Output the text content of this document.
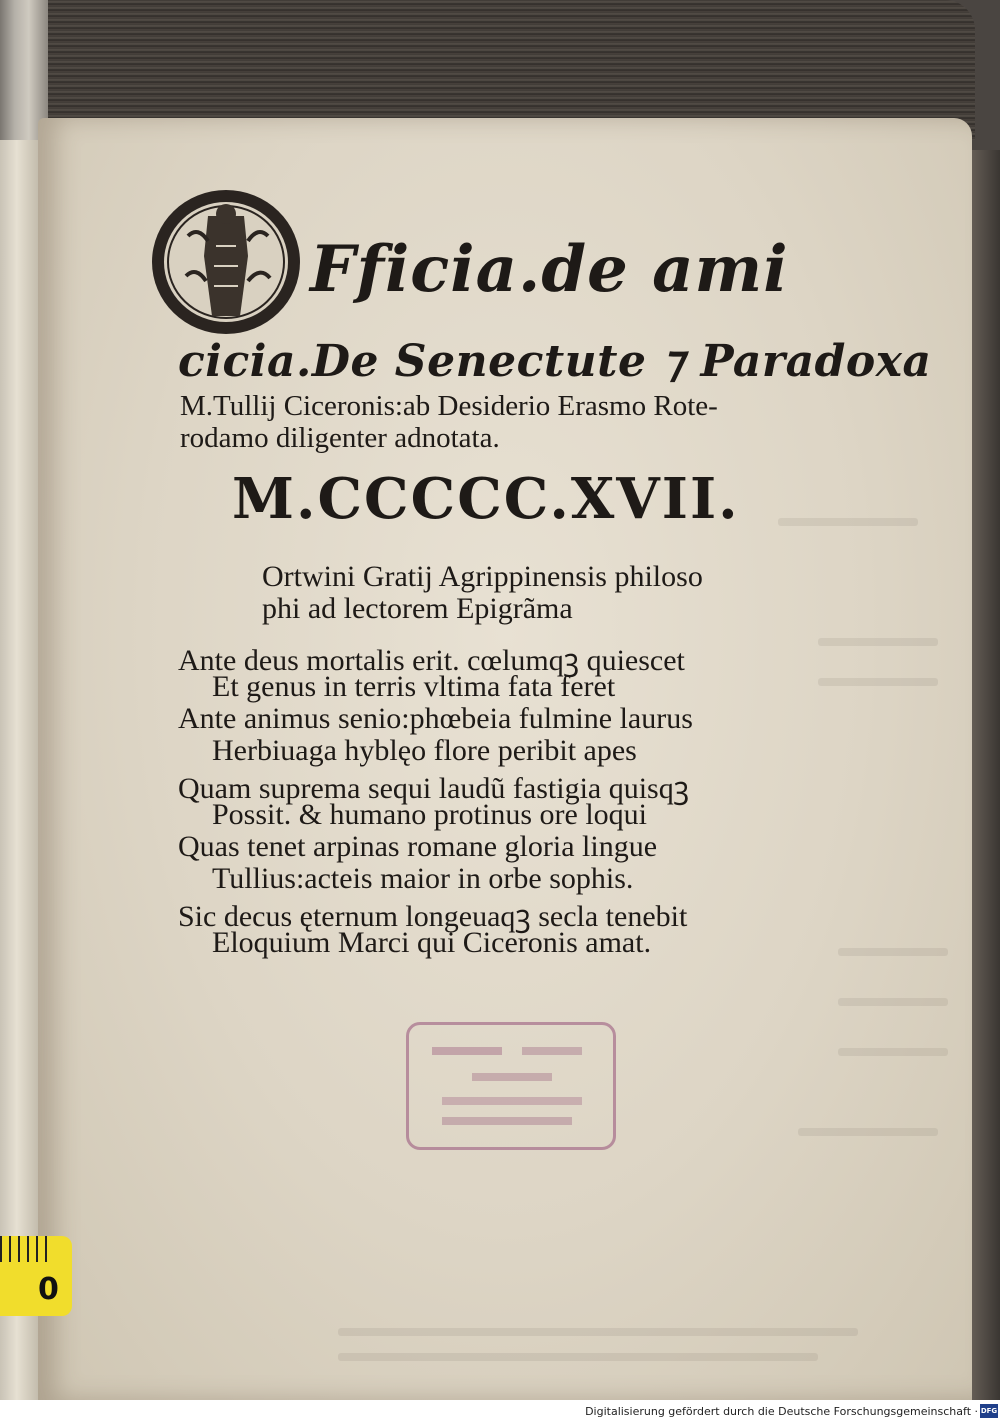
Fficia.de ami
cicia.De Senectute ⁊ Paradoxa
M.Tullij Ciceronis:ab Desiderio Erasmo Rote-
rodamo diligenter adnotata.
M.CCCCC.XVII.
Ortwini Gratij Agrippinensis philoso
phi ad lectorem Epigrãma
Ante deus mortalis erit. cœlumqꝫ quiescet
Et genus in terris vltima fata feret
Ante animus senio:phœbeia fulmine laurus
Herbiuaga hyblęo flore peribit apes
Quam suprema sequi laudũ fastigia quisqꝫ
Possit. & humano protinus ore loqui
Quas tenet arpinas romane gloria lingue
Tullius:acteis maior in orbe sophis.
Sic decus ęternum longeuaqꝫ secla tenebit
Eloquium Marci qui Ciceronis amat.
0
Digitalisierung gefördert durch die Deutsche Forschungsgemeinschaft · DFG
